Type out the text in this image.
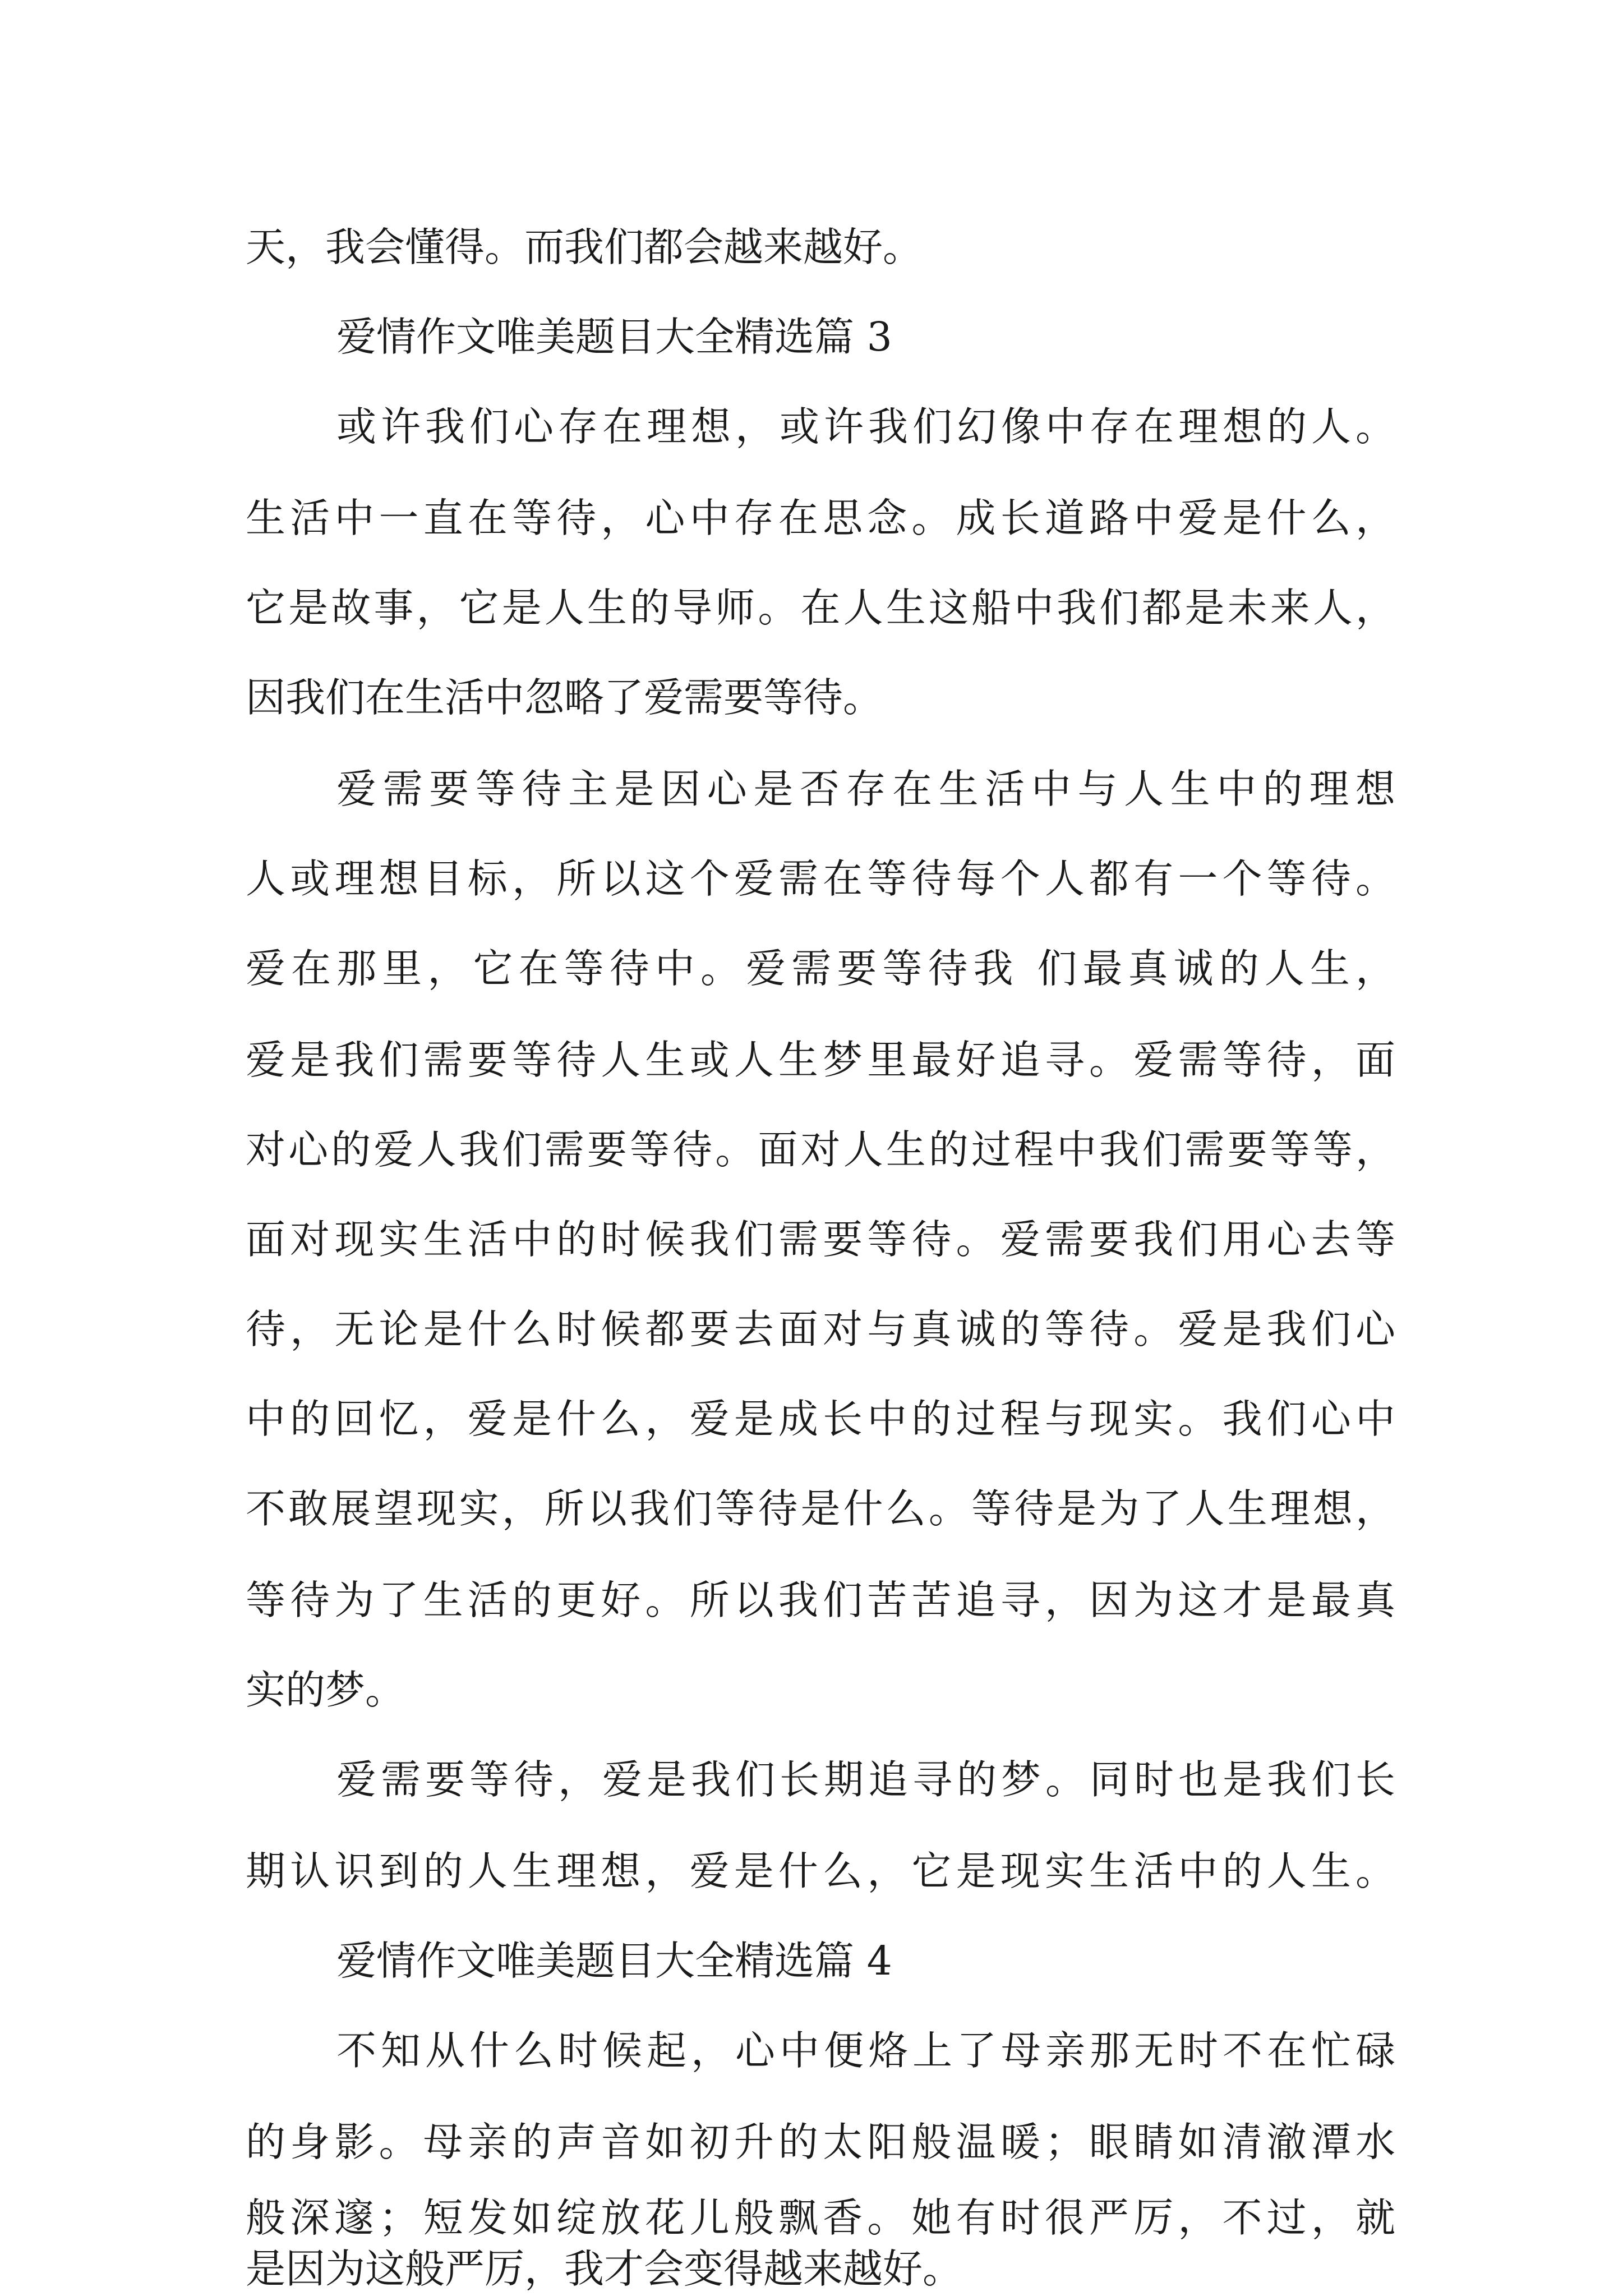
天，我会懂得。而我们都会越来越好。
爱情作文唯美题目大全精选篇 3
或许我们心存在理想，或许我们幻像中存在理想的人。
生活中一直在等待，心中存在思念。成长道路中爱是什么，
它是故事，它是人生的导师。在人生这船中我们都是未来人，
因我们在生活中忽略了爱需要等待。
爱需要等待主是因心是否存在生活中与人生中的理想
人或理想目标，所以这个爱需在等待每个人都有一个等待。
爱在那里，它在等待中。爱需要等待我 们最真诚的人生，
爱是我们需要等待人生或人生梦里最好追寻。爱需等待，面
对心的爱人我们需要等待。面对人生的过程中我们需要等等，
面对现实生活中的时候我们需要等待。爱需要我们用心去等
待，无论是什么时候都要去面对与真诚的等待。爱是我们心
中的回忆，爱是什么，爱是成长中的过程与现实。我们心中
不敢展望现实，所以我们等待是什么。等待是为了人生理想，
等待为了生活的更好。所以我们苦苦追寻，因为这才是最真
实的梦。
爱需要等待，爱是我们长期追寻的梦。同时也是我们长
期认识到的人生理想，爱是什么，它是现实生活中的人生。
爱情作文唯美题目大全精选篇 4
不知从什么时候起，心中便烙上了母亲那无时不在忙碌
的身影。母亲的声音如初升的太阳般温暖；眼睛如清澈潭水
般深邃；短发如绽放花儿般飘香。她有时很严厉，不过，就
是因为这般严厉，我才会变得越来越好。
